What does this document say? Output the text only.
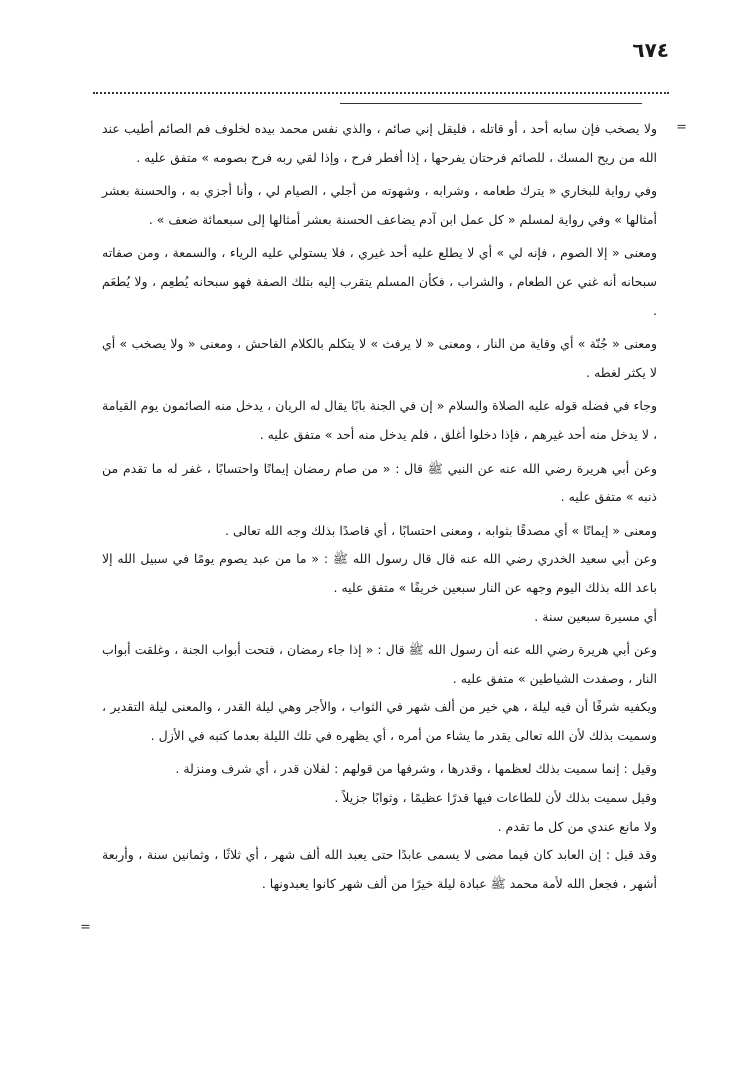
٦٧٤
=
=

ولا يصخب فإن سابه أحد ، أو قاتله ، فليقل إني صائم ، والذي نفس محمد بيده لخلوف فم الصائم أطيب عند الله من ريح المسك ، للصائم فرحتان يفرحها ، إذا أفطر فرح ، وإذا لقي ربه فرح بصومه » متفق عليه .

وفي رواية للبخاري « يترك طعامه ، وشرابه ، وشهوته من أجلي ، الصيام لي ، وأنا أجزي به ، والحسنة بعشر أمثالها » وفي رواية لمسلم « كل عمل ابن آدم يضاعف الحسنة بعشر أمثالها إلى سبعمائة ضعف » .

ومعنى « إلا الصوم ، فإنه لي » أي لا يطلع عليه أحد غيري ، فلا يستولي عليه الرياء ، والسمعة ، ومن صفاته سبحانه أنه غني عن الطعام ، والشراب ، فكأن المسلم يتقرب إليه بتلك الصفة فهو سبحانه يُطعِم ، ولا يُطعَم .

ومعنى « جُنّة » أي وقاية من النار ، ومعنى « لا يرفث » لا يتكلم بالكلام الفاحش ، ومعنى « ولا يصخب » أي لا يكثر لغطه .

وجاء في فضله قوله عليه الصلاة والسلام « إن في الجنة بابًا يقال له الريان ، يدخل منه الصائمون يوم القيامة ، لا يدخل منه أحد غيرهم ، فإذا دخلوا أغلق ، فلم يدخل منه أحد » متفق عليه .

وعن أبي هريرة رضي الله عنه عن النبي ﷺ قال : « من صام رمضان إيمانًا واحتسابًا ، غفر له ما تقدم من ذنبه » متفق عليه .

ومعنى « إيمانًا » أي مصدقًا بثوابه ، ومعنى احتسابًا ، أي قاصدًا بذلك وجه الله تعالى .

وعن أبي سعيد الخدري رضي الله عنه قال قال رسول الله ﷺ : « ما من عبد يصوم يومًا في سبيل الله إلا باعد الله بذلك اليوم وجهه عن النار سبعين خريفًا » متفق عليه .

أي مسيرة سبعين سنة .

وعن أبي هريرة رضي الله عنه أن رسول الله ﷺ قال : « إذا جاء رمضان ، فتحت أبواب الجنة ، وغلقت أبواب النار ، وصفدت الشياطين » متفق عليه .

ويكفيه شرفًا أن فيه ليلة ، هي خير من ألف شهر في الثواب ، والأجر وهي ليلة القدر ، والمعنى ليلة التقدير ، وسميت بذلك لأن الله تعالى يقدر ما يشاء من أمره ، أي يظهره في تلك الليلة بعدما كتبه في الأزل .

وقيل : إنما سميت بذلك لعظمها ، وقدرها ، وشرفها من قولهم : لفلان قدر ، أي شرف ومنزلة .

وقيل سميت بذلك لأن للطاعات فيها قدرًا عظيمًا ، وثوابًا جزيلاً .

ولا مانع عندي من كل ما تقدم .

وقد قيل : إن العابد كان فيما مضى لا يسمى عابدًا حتى يعبد الله ألف شهر ، أي ثلاثًا ، وثمانين سنة ، وأربعة أشهر ، فجعل الله لأمة محمد ﷺ عبادة ليلة خيرًا من ألف شهر كانوا يعبدونها .
